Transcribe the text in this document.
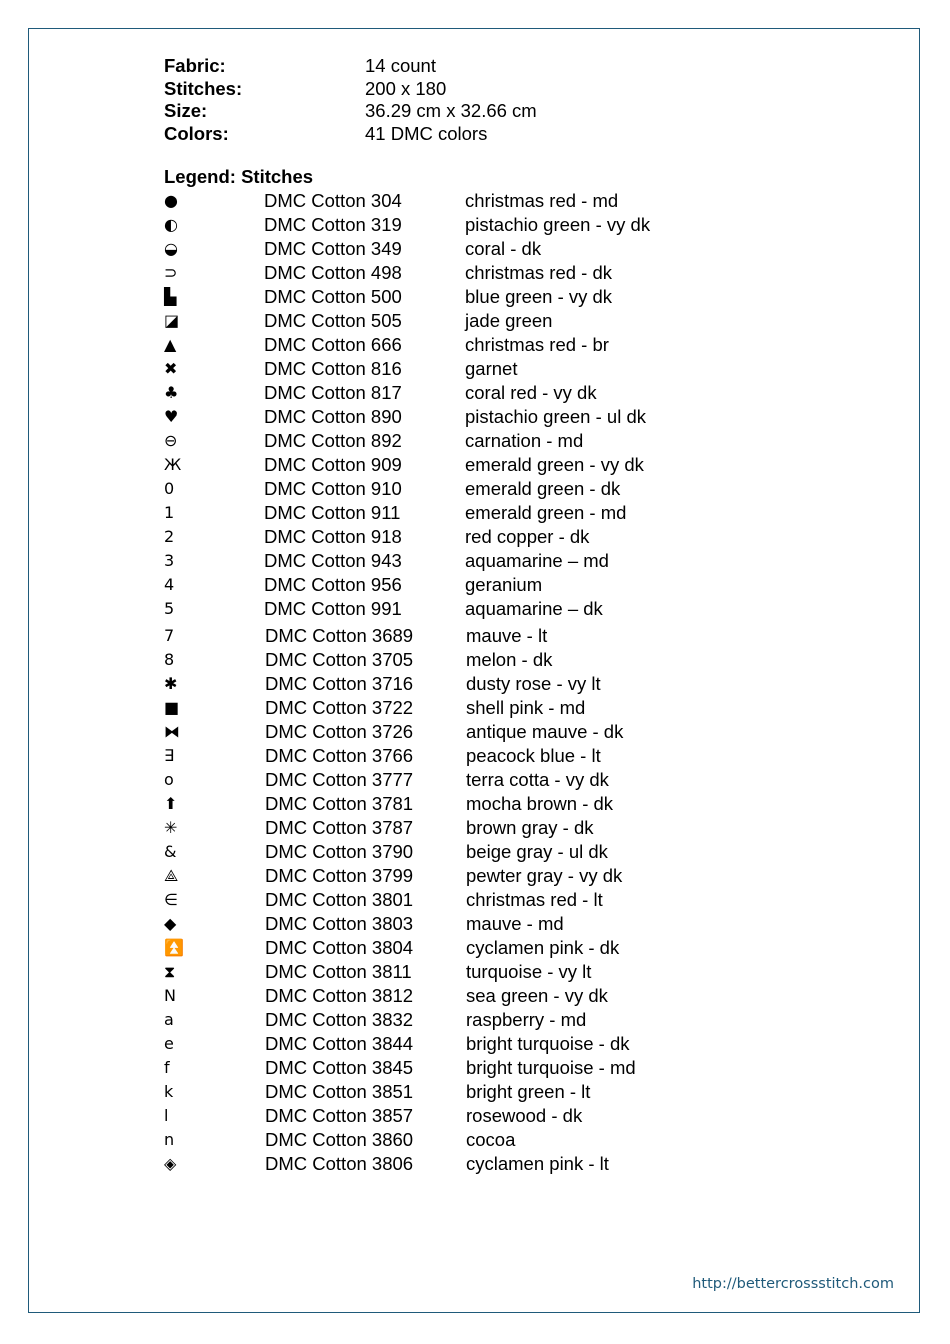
Fabric:	14 count
Stitches:	200 x 180
Size:	36.29 cm x 32.66 cm
Colors:	41 DMC colors
Legend: Stitches
●	DMC Cotton 304	christmas red - md
◐	DMC Cotton 319	pistachio green - vy dk
◒	DMC Cotton 349	coral - dk
⊃	DMC Cotton 498	christmas red - dk
▙	DMC Cotton 500	blue green - vy dk
◪	DMC Cotton 505	jade green
▲	DMC Cotton 666	christmas red - br
✖	DMC Cotton 816	garnet
♣	DMC Cotton 817	coral red - vy dk
♥	DMC Cotton 890	pistachio green - ul dk
⊖	DMC Cotton 892	carnation - md
Ж	DMC Cotton 909	emerald green - vy dk
0	DMC Cotton 910	emerald green - dk
1	DMC Cotton 911	emerald green - md
2	DMC Cotton 918	red copper - dk
3	DMC Cotton 943	aquamarine – md
4	DMC Cotton 956	geranium
5	DMC Cotton 991	aquamarine – dk
7	DMC Cotton 3689	mauve - lt
8	DMC Cotton 3705	melon - dk
✱	DMC Cotton 3716	dusty rose - vy lt
■	DMC Cotton 3722	shell pink - md
⧓	DMC Cotton 3726	antique mauve - dk
∃	DMC Cotton 3766	peacock blue - lt
o	DMC Cotton 3777	terra cotta - vy dk
⬆	DMC Cotton 3781	mocha brown - dk
✳	DMC Cotton 3787	brown gray - dk
&	DMC Cotton 3790	beige gray - ul dk
⟁	DMC Cotton 3799	pewter gray - vy dk
∈	DMC Cotton 3801	christmas red - lt
◆	DMC Cotton 3803	mauve - md
⏫	DMC Cotton 3804	cyclamen pink - dk
⧗	DMC Cotton 3811	turquoise - vy lt
N	DMC Cotton 3812	sea green - vy dk
a	DMC Cotton 3832	raspberry - md
e	DMC Cotton 3844	bright turquoise - dk
f	DMC Cotton 3845	bright turquoise - md
k	DMC Cotton 3851	bright green - lt
l	DMC Cotton 3857	rosewood - dk
n	DMC Cotton 3860	cocoa
◈	DMC Cotton 3806	cyclamen pink - lt
http://bettercrossstitch.com
